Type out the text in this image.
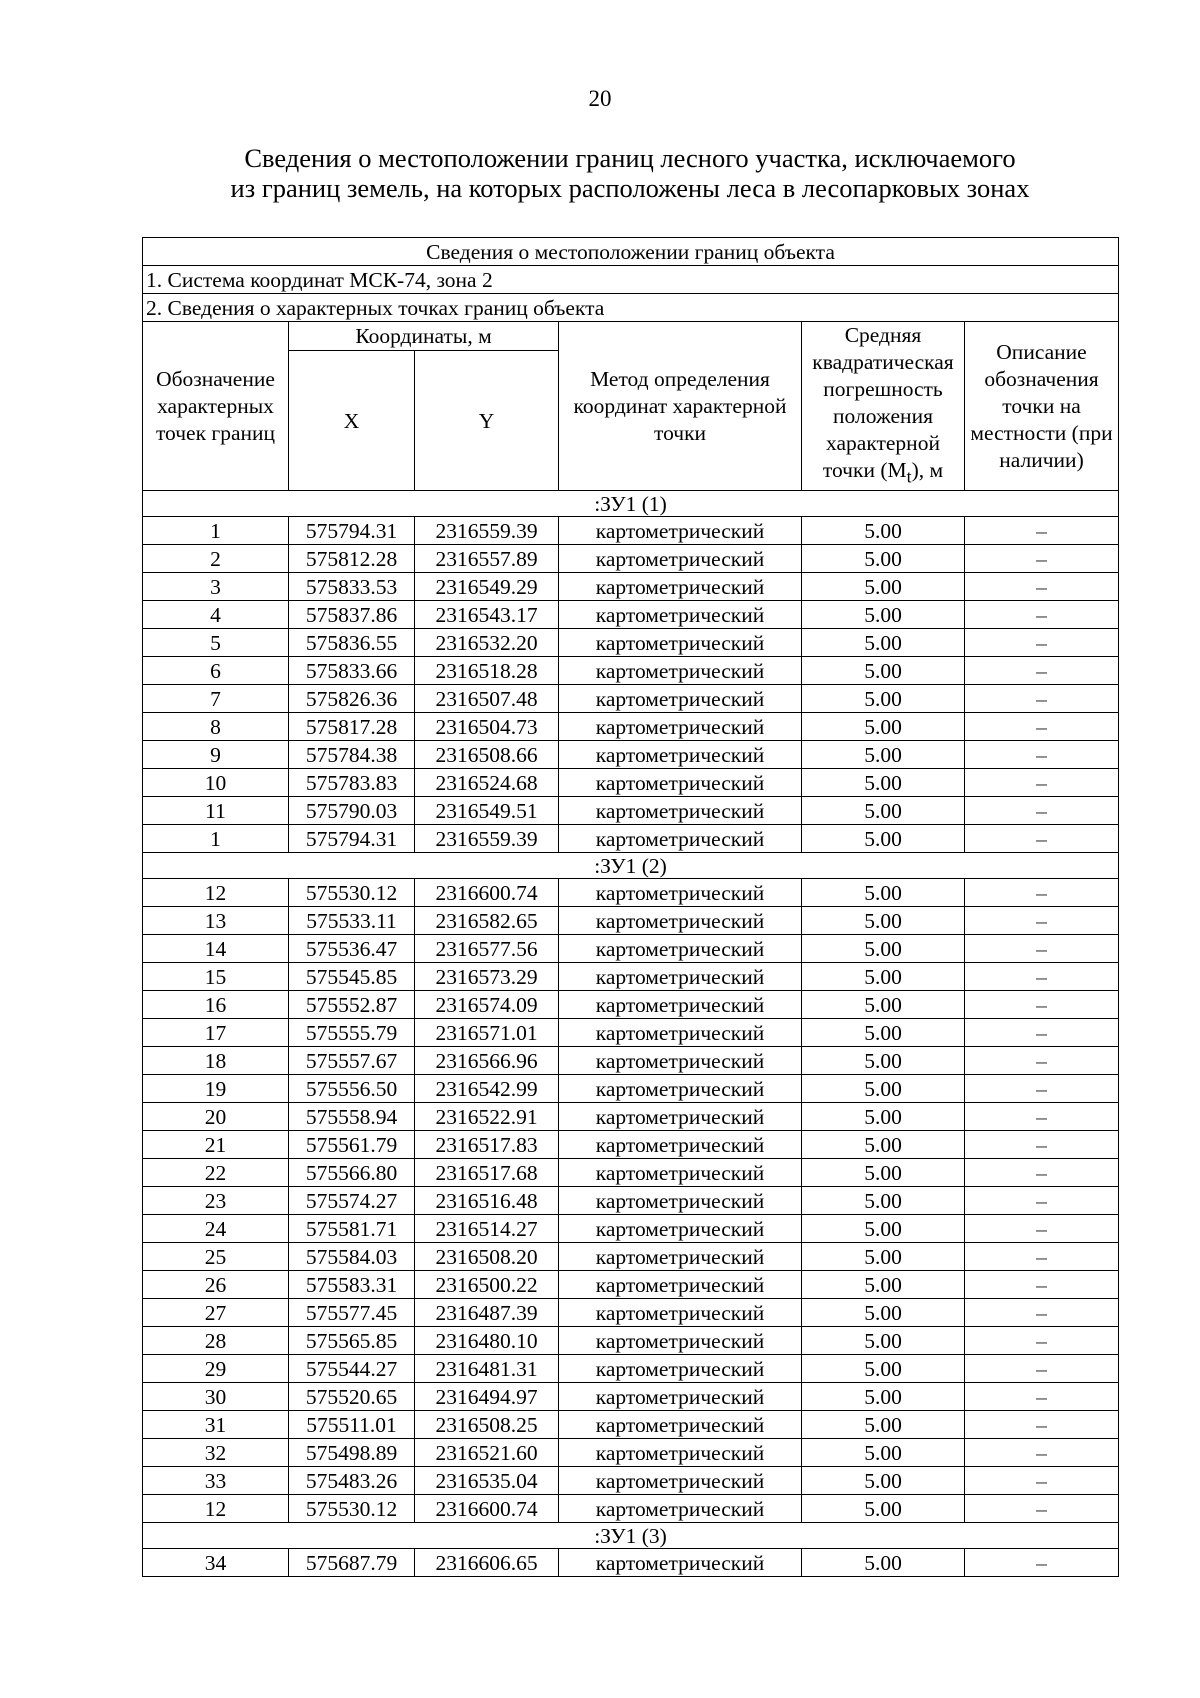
20
Сведения о местоположении границ лесного участка, исключаемого
из границ земель, на которых расположены леса в лесопарковых зонах
Сведения о местоположении границ объекта					
1. Система координат МСК-74, зона 2					
2. Сведения о характерных точках границ объекта					
Обозначение характерных точек границ	Координаты, м		Метод определения координат характерной точки	Средняя квадратическая погрешность положения характерной точки $(M_t)$, м	Описание обозначения точки на местности (при наличии)
	X	Y			
:ЗУ1 (1)					
1	575794.31	2316559.39	картометрический	5.00	–
2	575812.28	2316557.89	картометрический	5.00	–
3	575833.53	2316549.29	картометрический	5.00	–
4	575837.86	2316543.17	картометрический	5.00	–
5	575836.55	2316532.20	картометрический	5.00	–
6	575833.66	2316518.28	картометрический	5.00	–
7	575826.36	2316507.48	картометрический	5.00	–
8	575817.28	2316504.73	картометрический	5.00	–
9	575784.38	2316508.66	картометрический	5.00	–
10	575783.83	2316524.68	картометрический	5.00	–
11	575790.03	2316549.51	картометрический	5.00	–
1	575794.31	2316559.39	картометрический	5.00	–
:ЗУ1 (2)					
12	575530.12	2316600.74	картометрический	5.00	–
13	575533.11	2316582.65	картометрический	5.00	–
14	575536.47	2316577.56	картометрический	5.00	–
15	575545.85	2316573.29	картометрический	5.00	–
16	575552.87	2316574.09	картометрический	5.00	–
17	575555.79	2316571.01	картометрический	5.00	–
18	575557.67	2316566.96	картометрический	5.00	–
19	575556.50	2316542.99	картометрический	5.00	–
20	575558.94	2316522.91	картометрический	5.00	–
21	575561.79	2316517.83	картометрический	5.00	–
22	575566.80	2316517.68	картометрический	5.00	–
23	575574.27	2316516.48	картометрический	5.00	–
24	575581.71	2316514.27	картометрический	5.00	–
25	575584.03	2316508.20	картометрический	5.00	–
26	575583.31	2316500.22	картометрический	5.00	–
27	575577.45	2316487.39	картометрический	5.00	–
28	575565.85	2316480.10	картометрический	5.00	–
29	575544.27	2316481.31	картометрический	5.00	–
30	575520.65	2316494.97	картометрический	5.00	–
31	575511.01	2316508.25	картометрический	5.00	–
32	575498.89	2316521.60	картометрический	5.00	–
33	575483.26	2316535.04	картометрический	5.00	–
12	575530.12	2316600.74	картометрический	5.00	–
:ЗУ1 (3)					
34	575687.79	2316606.65	картометрический	5.00	–
